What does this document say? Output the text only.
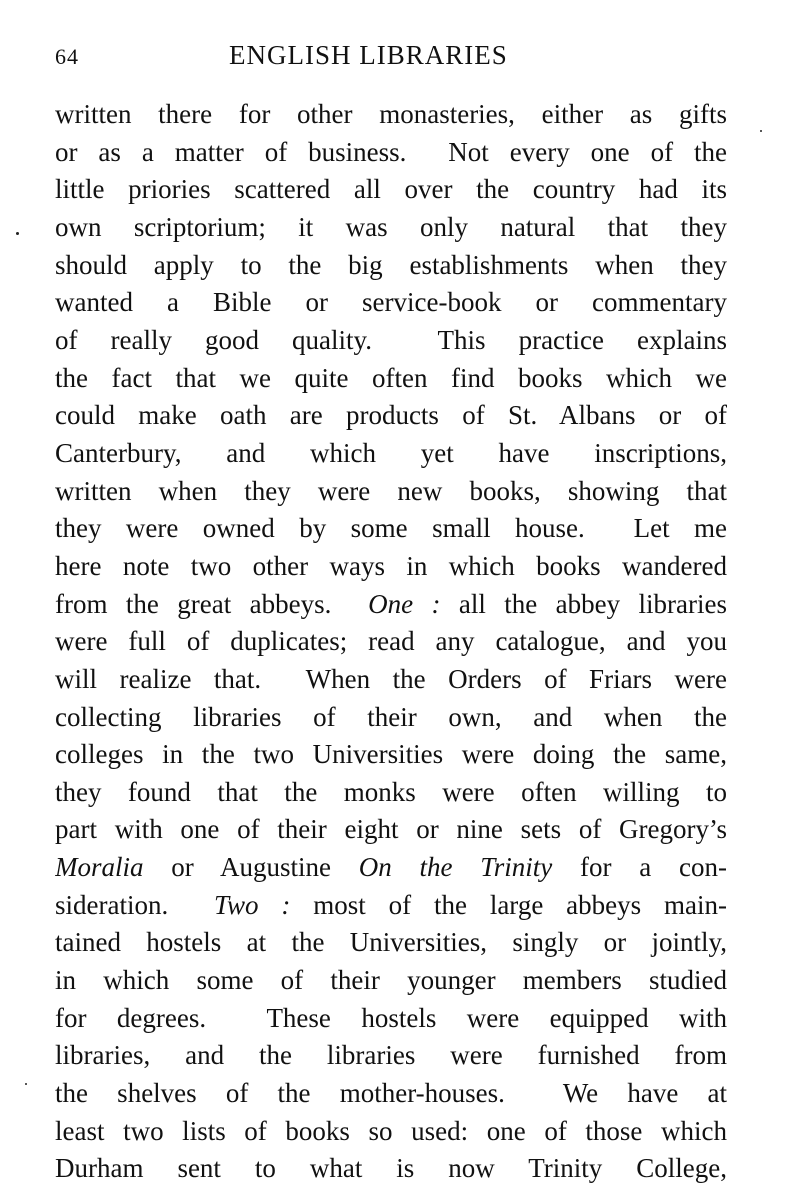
64	ENGLISH LIBRARIES
written there for other monasteries, either as gifts
or as a matter of business.  Not every one of the
little priories scattered all over the country had its
own scriptorium; it was only natural that they
should apply to the big establishments when they
wanted a Bible or service-book or commentary
of really good quality.  This practice explains
the fact that we quite often find books which we
could make oath are products of St. Albans or of
Canterbury, and which yet have inscriptions,
written when they were new books, showing that
they were owned by some small house.  Let me
here note two other ways in which books wandered
from the great abbeys.  One : all the abbey libraries
were full of duplicates; read any catalogue, and you
will realize that.  When the Orders of Friars were
collecting libraries of their own, and when the
colleges in the two Universities were doing the same,
they found that the monks were often willing to
part with one of their eight or nine sets of Gregory’s
Moralia or Augustine On the Trinity for a con-
sideration.  Two : most of the large abbeys main-
tained hostels at the Universities, singly or jointly,
in which some of their younger members studied
for degrees.  These hostels were equipped with
libraries, and the libraries were furnished from
the shelves of the mother-houses.  We have at
least two lists of books so used: one of those which
Durham sent to what is now Trinity College,
